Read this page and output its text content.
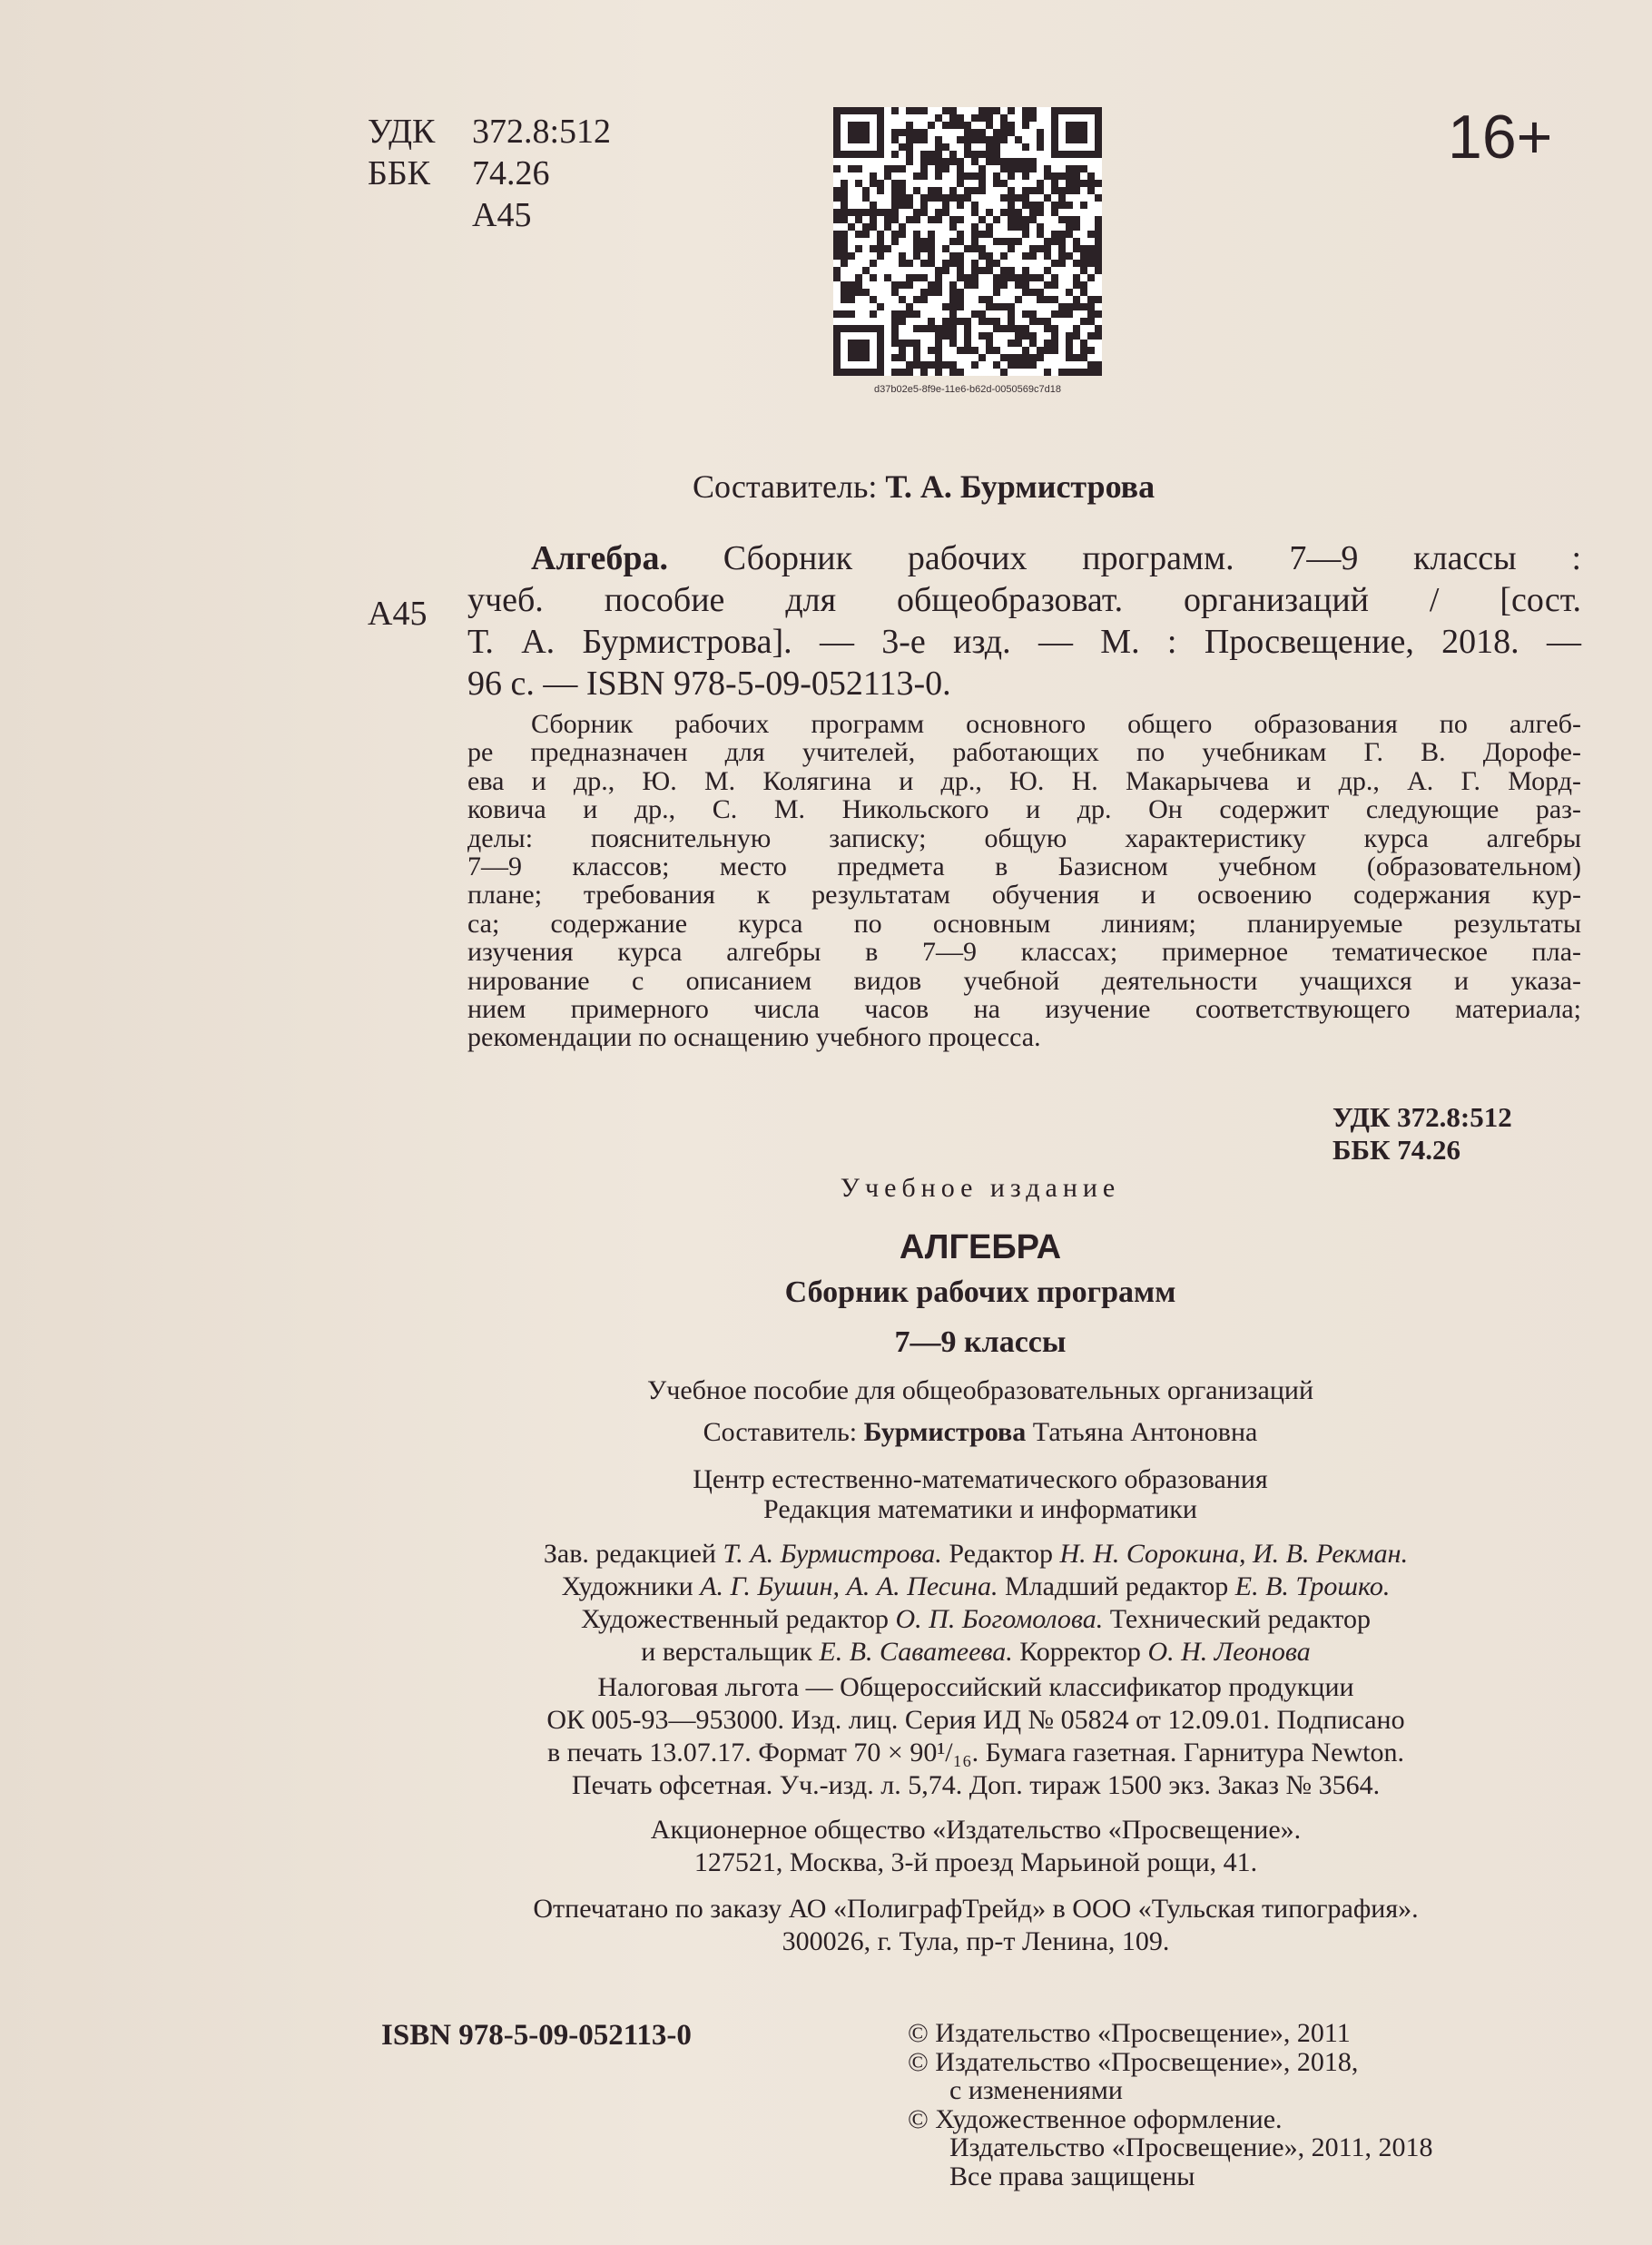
УДК 372.8:512
ББК 74.26
A45
d37b02e5-8f9e-11e6-b62d-0050569c7d18
16+
Составитель: Т. А. Бурмистрова
А45
Алгебра. Сборник рабочих программ. 7—9 классы :
учеб. пособие для общеобразоват. организаций / [сост.
Т. А. Бурмистрова]. — 3-е изд. — М. : Просвещение, 2018. —
96 с. — ISBN 978-5-09-052113-0.

Сборник рабочих программ основного общего образования по алгеб-

ре предназначен для учителей, работающих по учебникам Г. В. Дорофе-

ева и др., Ю. М. Колягина и др., Ю. Н. Макарычева и др., А. Г. Морд-

ковича и др., С. М. Никольского и др. Он содержит следующие раз-

делы: пояснительную записку; общую характеристику курса алгебры

7—9 классов; место предмета в Базисном учебном (образовательном)

плане; требования к результатам обучения и освоению содержания кур-

са; содержание курса по основным линиям; планируемые результаты

изучения курса алгебры в 7—9 классах; примерное тематическое пла-

нирование с описанием видов учебной деятельности учащихся и указа-

нием примерного числа часов на изучение соответствующего материала;

рекомендации по оснащению учебного процесса.

УДК 372.8:512
ББК 74.26
Учебное издание
АЛГЕБРА
Сборник рабочих программ
7—9 классы
Учебное пособие для общеобразовательных организаций
Составитель: Бурмистрова Татьяна Антоновна
Центр естественно-математического образования
Редакция математики и информатики
Зав. редакцией Т. А. Бурмистрова. Редактор Н. Н. Сорокина, И. В. Рекман.
Художники А. Г. Бушин, А. А. Песина. Младший редактор Е. В. Трошко.
Художественный редактор О. П. Богомолова. Технический редактор
и верстальщик Е. В. Саватеева. Корректор О. Н. Леонова
Налоговая льгота — Общероссийский классификатор продукции
ОК 005-93—953000. Изд. лиц. Серия ИД № 05824 от 12.09.01. Подписано
в печать 13.07.17. Формат 70 × 90¹/₁₆. Бумага газетная. Гарнитура Newton.
Печать офсетная. Уч.-изд. л. 5,74. Доп. тираж 1500 экз. Заказ № 3564.
Акционерное общество «Издательство «Просвещение».
127521, Москва, 3-й проезд Марьиной рощи, 41.
Отпечатано по заказу АО «ПолиграфТрейд» в ООО «Тульская типография».
300026, г. Тула, пр-т Ленина, 109.
ISBN 978-5-09-052113-0	© Издательство «Просвещение», 2011
© Издательство «Просвещение», 2018,
с изменениями
© Художественное оформление.
Издательство «Просвещение», 2011, 2018
Все права защищены
